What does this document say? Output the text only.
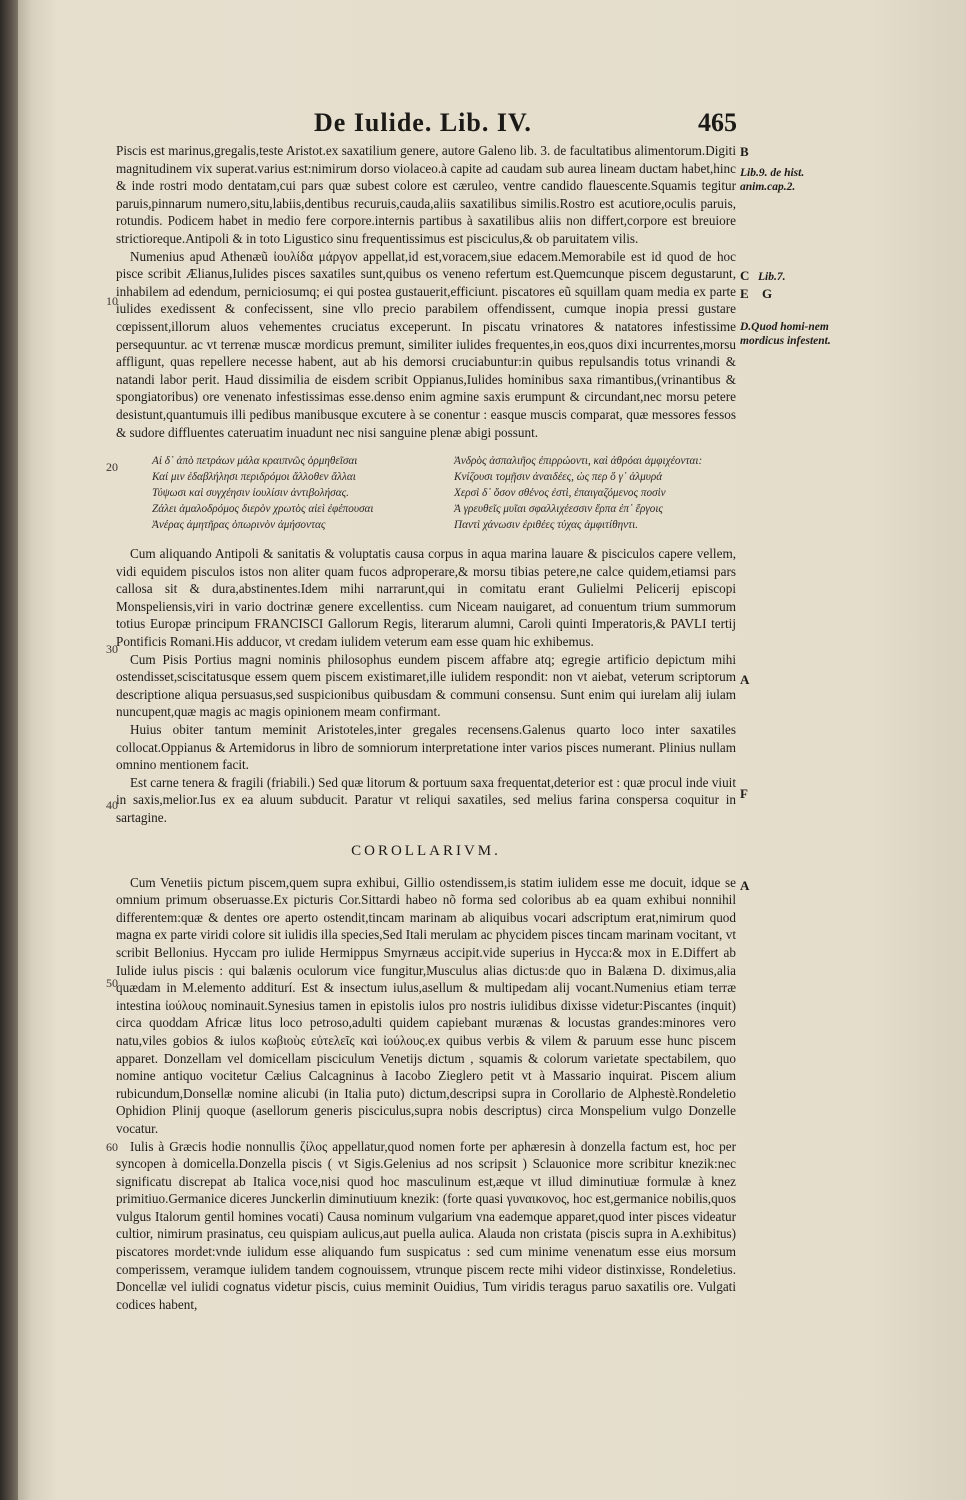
De Iulide. Lib. IV.	465

Piscis est marinus,gregalis,teste Aristot.ex saxatilium genere, autore Galeno lib. 3. de facultatibus alimentorum.Digiti magnitudinem vix superat.varius est:nimirum dorso violaceo.à capite ad caudam sub aurea lineam ductam habet,hinc & inde rostri modo dentatam,cui pars quæ subest colore est cæruleo, ventre candido flauescente.Squamis tegitur paruis,pinnarum numero,situ,labiis,dentibus recuruis,cauda,aliis saxatilibus similis.Rostro est acutiore,oculis paruis, rotundis. Podicem habet in medio fere corpore.internis partibus à saxatilibus aliis non differt,corpore est breuiore strictioreque.Antipoli & in toto Ligustico sinu frequentissimus est pisciculus,& ob paruitatem vilis.

Numenius apud Athenæũ ἰουλίδα μάργον appellat,id est,voracem,siue edacem.Memorabile est id quod de hoc pisce scribit Ælianus,Iulides pisces saxatiles sunt,quibus os veneno refertum est.Quemcunque piscem degustarunt, inhabilem ad edendum, perniciosumq; ei qui postea gustauerit,efficiunt. piscatores eũ squillam quam media ex parte iulides exedissent & confecissent, sine vllo precio parabilem offendissent, cumque inopia pressi gustare cœpissent,illorum aluos vehementes cruciatus exceperunt. In piscatu vrinatores & natatores infestissime persequuntur. ac vt terrenæ muscæ mordicus premunt, similiter iulides frequentes,in eos,quos dixi incurrentes,morsu affligunt, quas repellere necesse habent, aut ab his demorsi cruciabuntur:in quibus repulsandis totus vrinandi & natandi labor perit. Haud dissimilia de eisdem scribit Oppianus,Iulides hominibus saxa rimantibus,(vrinantibus & spongiatoribus) ore venenato infestissimas esse.denso enim agmine saxis erumpunt & circundant,nec morsu petere desistunt,quantumuis illi pedibus manibusque excutere à se conentur : easque muscis comparat, quæ messores fessos & sudore diffluentes cateruatim inuadunt nec nisi sanguine plenæ abigi possunt.

Αἱ δ᾽ ἀπὸ πετράων μάλα κραιπνῶς ὁρμηθεῖσαι	Ἀνδρὸς ἀσπαλιῆος ἐπιρρώοντι, καὶ ἀθρόαι ἀμφιχέονται:
Καί μιν ἐδαβλήλησι περιδρόμοι ἄλλοθεν ἄλλαι	Κνίζουσι τομῇσιν ἀναιδέες, ὡς περ ὅ γ᾽ ἀλμυρά
Τύψωσι καὶ συγχέησιν ἰουλίσιν ἀντιβολήσας.	Χερσὶ δ᾽ ὅσον σθένος ἐστὶ, ἐπαιγαζόμενος ποσὶν
Ζάλει ἀμαλοδρόμος διερὸν χρωτὸς αἰεὶ ἐφέπουσαι	Ἀ γρευθεῖς μυῖαι σφαλλιχέεσσιν ἔρπα ἐπ᾽ ἔργοις
Ἀνέρας ἀμητῆρας ὁπωρινὸν ἀμήσοντας	Παντὶ χάνωσιν ἐριθέες τύχας ἀμφιτίθηντι.

Cum aliquando Antipoli & sanitatis & voluptatis causa corpus in aqua marina lauare & pisciculos capere vellem, vidi equidem pisculos istos non aliter quam fucos adproperare,& morsu tibias petere,ne calce quidem,etiamsi pars callosa sit & dura,abstinentes.Idem mihi narrarunt,qui in comitatu erant Gulielmi Pelicerij episcopi Monspeliensis,viri in vario doctrinæ genere excellentiss. cum Niceam nauigaret, ad conuentum trium summorum totius Europæ principum FRANCISCI Gallorum Regis, literarum alumni, Caroli quinti Imperatoris,& PAVLI tertij Pontificis Romani.His adducor, vt credam iulidem veterum eam esse quam hic exhibemus.

Cum Pisis Portius magni nominis philosophus eundem piscem affabre atq; egregie artificio depictum mihi ostendisset,sciscitatusque essem quem piscem existimaret,ille iulidem respondit: non vt aiebat, veterum scriptorum descriptione aliqua persuasus,sed suspicionibus quibusdam & communi consensu. Sunt enim qui iurelam alij iulam nuncupent,quæ magis ac magis opinionem meam confirmant.

Huius obiter tantum meminit Aristoteles,inter gregales recensens.Galenus quarto loco inter saxatiles collocat.Oppianus & Artemidorus in libro de somniorum interpretatione inter varios pisces numerant. Plinius nullam omnino mentionem facit.

Est carne tenera & fragili (friabili.) Sed quæ litorum & portuum saxa frequentat,deterior est : quæ procul inde viuit in saxis,melior.Ius ex ea aluum subducit. Paratur vt reliqui saxatiles, sed melius farina conspersa coquitur in sartagine.

COROLLARIVM.

Cum Venetiis pictum piscem,quem supra exhibui, Gillio ostendissem,is statim iulidem esse me docuit, idque se omnium primum obseruasse.Ex picturis Cor.Sittardi habeo nõ forma sed coloribus ab ea quam exhibui nonnihil differentem:quæ & dentes ore aperto ostendit,tincam marinam ab aliquibus vocari adscriptum erat,nimirum quod magna ex parte viridi colore sit iulidis illa species,Sed Itali merulam ac phycidem pisces tincam marinam vocitant, vt scribit Bellonius. Hyccam pro iulide Hermippus Smyrnæus accipit.vide superius in Hycca:& mox in E.Differt ab Iulide iulus piscis : qui balænis oculorum vice fungitur,Musculus alias dictus:de quo in Balæna D. diximus,alia quædam in M.elemento additurí. Est & insectum iulus,asellum & multipedam alij vocant.Numenius etiam terræ intestina ἰούλους nominauit.Synesius tamen in epistolis iulos pro nostris iulidibus dixisse videtur:Piscantes (inquit) circa quoddam Africæ litus loco petroso,adulti quidem capiebant murænas & locustas grandes:minores vero natu,viles gobios & iulos κωβιοὺς εὐτελεῖς καὶ ἰούλους.ex quibus verbis & vilem & paruum esse hunc piscem apparet. Donzellam vel domicellam pisciculum Venetijs dictum , squamis & colorum varietate spectabilem, quo nomine antiquo vocitetur Cælius Calcagninus à Iacobo Zieglero petit vt à Massario inquirat. Piscem alium rubicundum,Donsellæ nomine alicubi (in Italia puto) dictum,descripsi supra in Corollario de Alphestè.Rondeletio Ophidion Plinij quoque (asellorum generis pisciculus,supra nobis descriptus) circa Monspelium vulgo Donzelle vocatur.

Iulis à Græcis hodie nonnullis ζίλος appellatur,quod nomen forte per aphæresin à donzella factum est, hoc per syncopen à domicella.Donzella piscis ( vt Sigis.Gelenius ad nos scripsit ) Sclauonice more scribitur knezik:nec significatu discrepat ab Italica voce,nisi quod hoc masculinum est,æque vt illud diminutiuæ formulæ à knez primitiuo.Germanice diceres Junckerlin diminutiuum knezik: (forte quasi γυναικονος, hoc est,germanice nobilis,quos vulgus Italorum gentil homines vocati) Causa nominum vulgarium vna eademque apparet,quod inter pisces videatur cultior, nimirum prasinatus, ceu quispiam aulicus,aut puella aulica. Alauda non cristata (piscis supra in A.exhibitus) piscatores mordet:vnde iulidum esse aliquando fum suspicatus : sed cum minime venenatum esse eius morsum comperissem, veramque iulidem tandem cognouissem, vtrunque piscem recte mihi videor distinxisse, Rondeletius. Doncellæ vel iulidi cognatus videtur piscis, cuius meminit Ouidius, Tum viridis teragus paruo saxatilis ore. Vulgati codices habent,

B
C
E G
A
F
A
Lib.9. de hist. anim.cap.2.
Lib.7.
D.Quod homi-nem mordicus infestent.
10
20
30
40
50
60
